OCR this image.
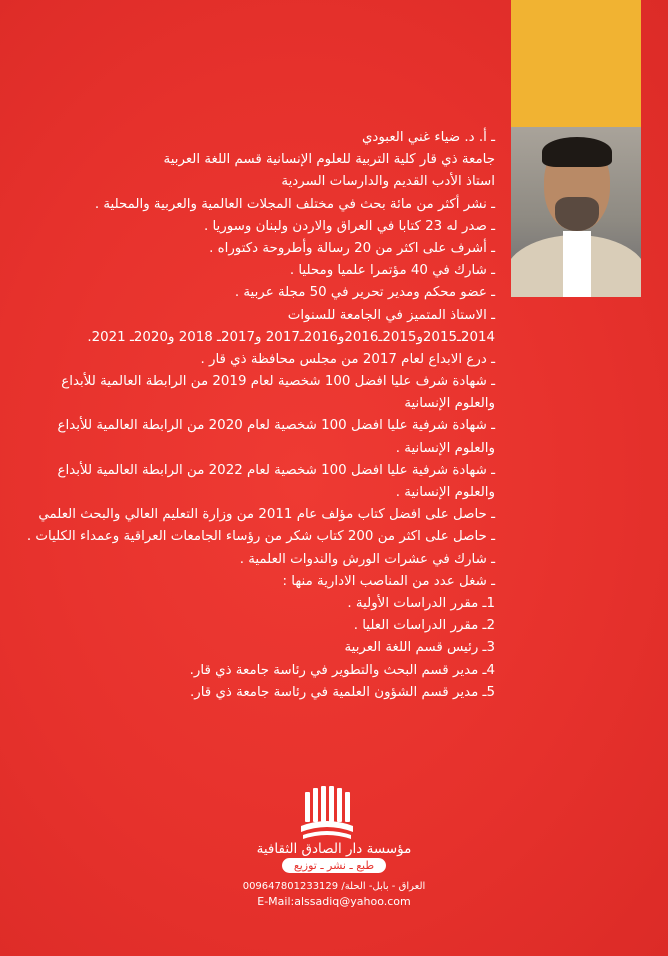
ـ أ. د. ضياء غني العبودي
جامعة ذي قار كلية التربية للعلوم الإنسانية قسم اللغة العربية
استاذ الأدب القديم والدارسات السردية
ـ نشر أكثر من مائة بحث في مختلف المجلات العالمية والعربية والمحلية .
ـ صدر له 23 كتابا في العراق والاردن ولبنان وسوريا .
ـ أشرف على اكثر من 20 رسالة وأطروحة دكتوراه .
ـ شارك في 40 مؤتمرا علميا ومحليا .
ـ عضو محكم ومدير تحرير في 50 مجلة عربية .
ـ الاستاذ المتميز في الجامعة للسنوات
2014ـ2015و2015ـ2016و2016ـ2017 و2017ـ 2018 و2020ـ 2021.
ـ درع الابداع لعام 2017 من مجلس محافظة ذي قار .
ـ شهادة شرف عليا افضل 100 شخصية لعام 2019 من الرابطة العالمية للأبداع
والعلوم الإنسانية
ـ شهادة شرفية عليا افضل 100 شخصية لعام 2020 من الرابطة العالمية للأبداع
والعلوم الإنسانية .
ـ شهادة شرفية عليا افضل 100 شخصية لعام 2022 من الرابطة العالمية للأبداع
والعلوم الإنسانية .
ـ حاصل على افضل كتاب مؤلف عام 2011 من وزارة التعليم العالي والبحث العلمي
ـ حاصل على اكثر من 200 كتاب شكر من رؤساء الجامعات العراقية وعمداء الكليات .
ـ شارك في عشرات الورش والندوات العلمية .
ـ شغل عدد من المناصب الادارية منها :
1ـ مقرر الدراسات الأولية .
2ـ مقرر الدراسات العليا .
3ـ رئيس قسم اللغة العربية
4ـ مدير قسم البحث والتطوير في رئاسة جامعة ذي قار.
5ـ مدير قسم الشؤون العلمية في رئاسة جامعة ذي قار.
مؤسسة دار الصادق الثقافية
طبع ـ نشر ـ توزيع
العراق - بابل- الحلة/ 009647801233129
E-Mail:alssadiq@yahoo.com
